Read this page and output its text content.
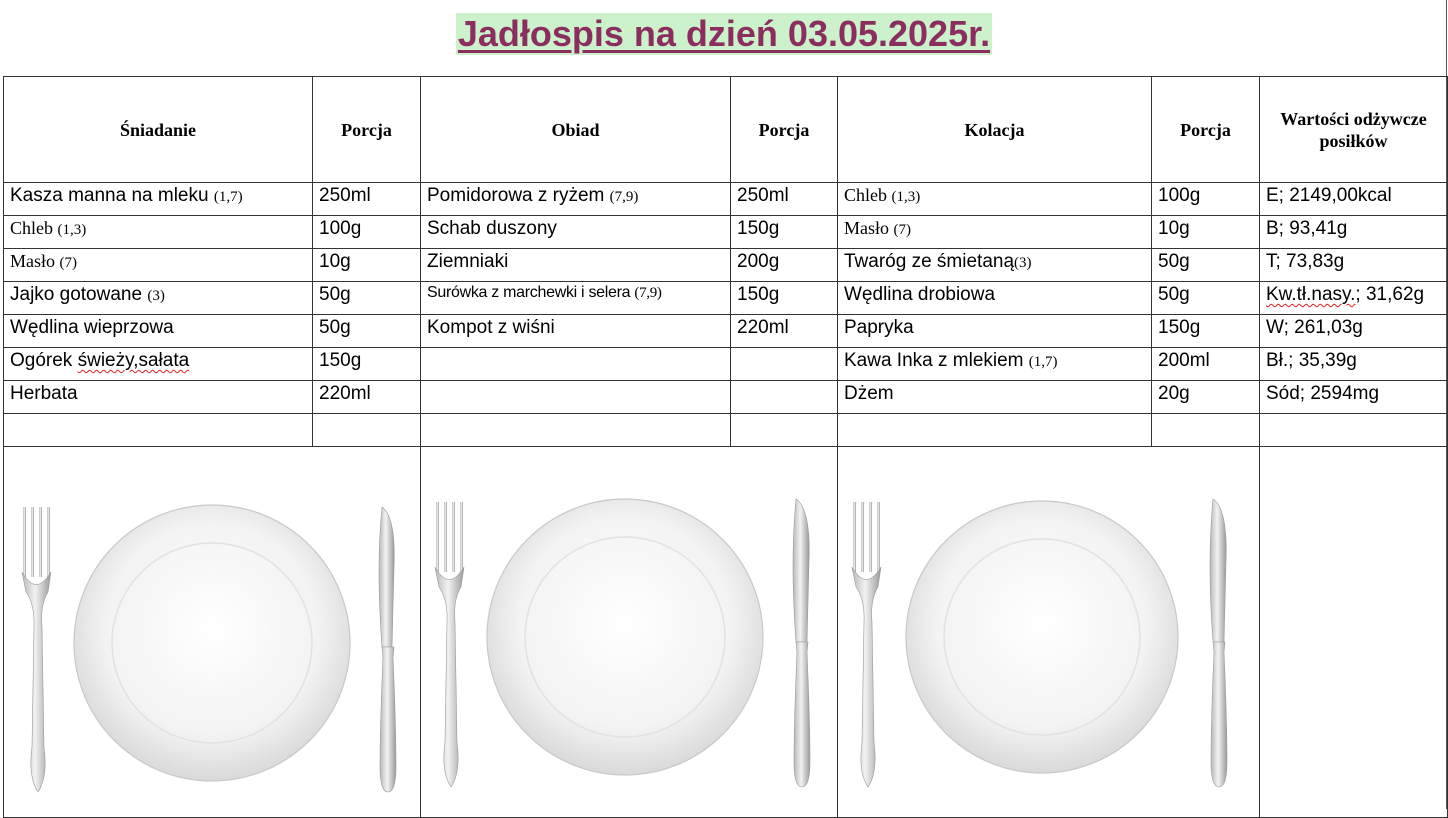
Jadłospis na dzień 03.05.2025r.
Śniadanie	Porcja	Obiad	Porcja	Kolacja	Porcja	Wartości odżywcze posiłków
Kasza manna na mleku (1,7)	250ml	Pomidorowa z ryżem (7,9)	250ml	Chleb (1,3)	100g	E; 2149,00kcal
Chleb (1,3)	100g	Schab duszony	150g	Masło (7)	10g	B; 93,41g
Masło (7)	10g	Ziemniaki	200g	Twaróg ze śmietaną(3)	50g	T; 73,83g
Jajko gotowane (3)	50g	Surówka z marchewki i selera (7,9)	150g	Wędlina drobiowa	50g	Kw.tł.nasy.; 31,62g
Wędlina wieprzowa	50g	Kompot z wiśni	220ml	Papryka	150g	W; 261,03g
Ogórek świeży,sałata	150g			Kawa Inka z mlekiem (1,7)	200ml	Bł.; 35,39g
Herbata	220ml			Dżem	20g	Sód; 2594mg
